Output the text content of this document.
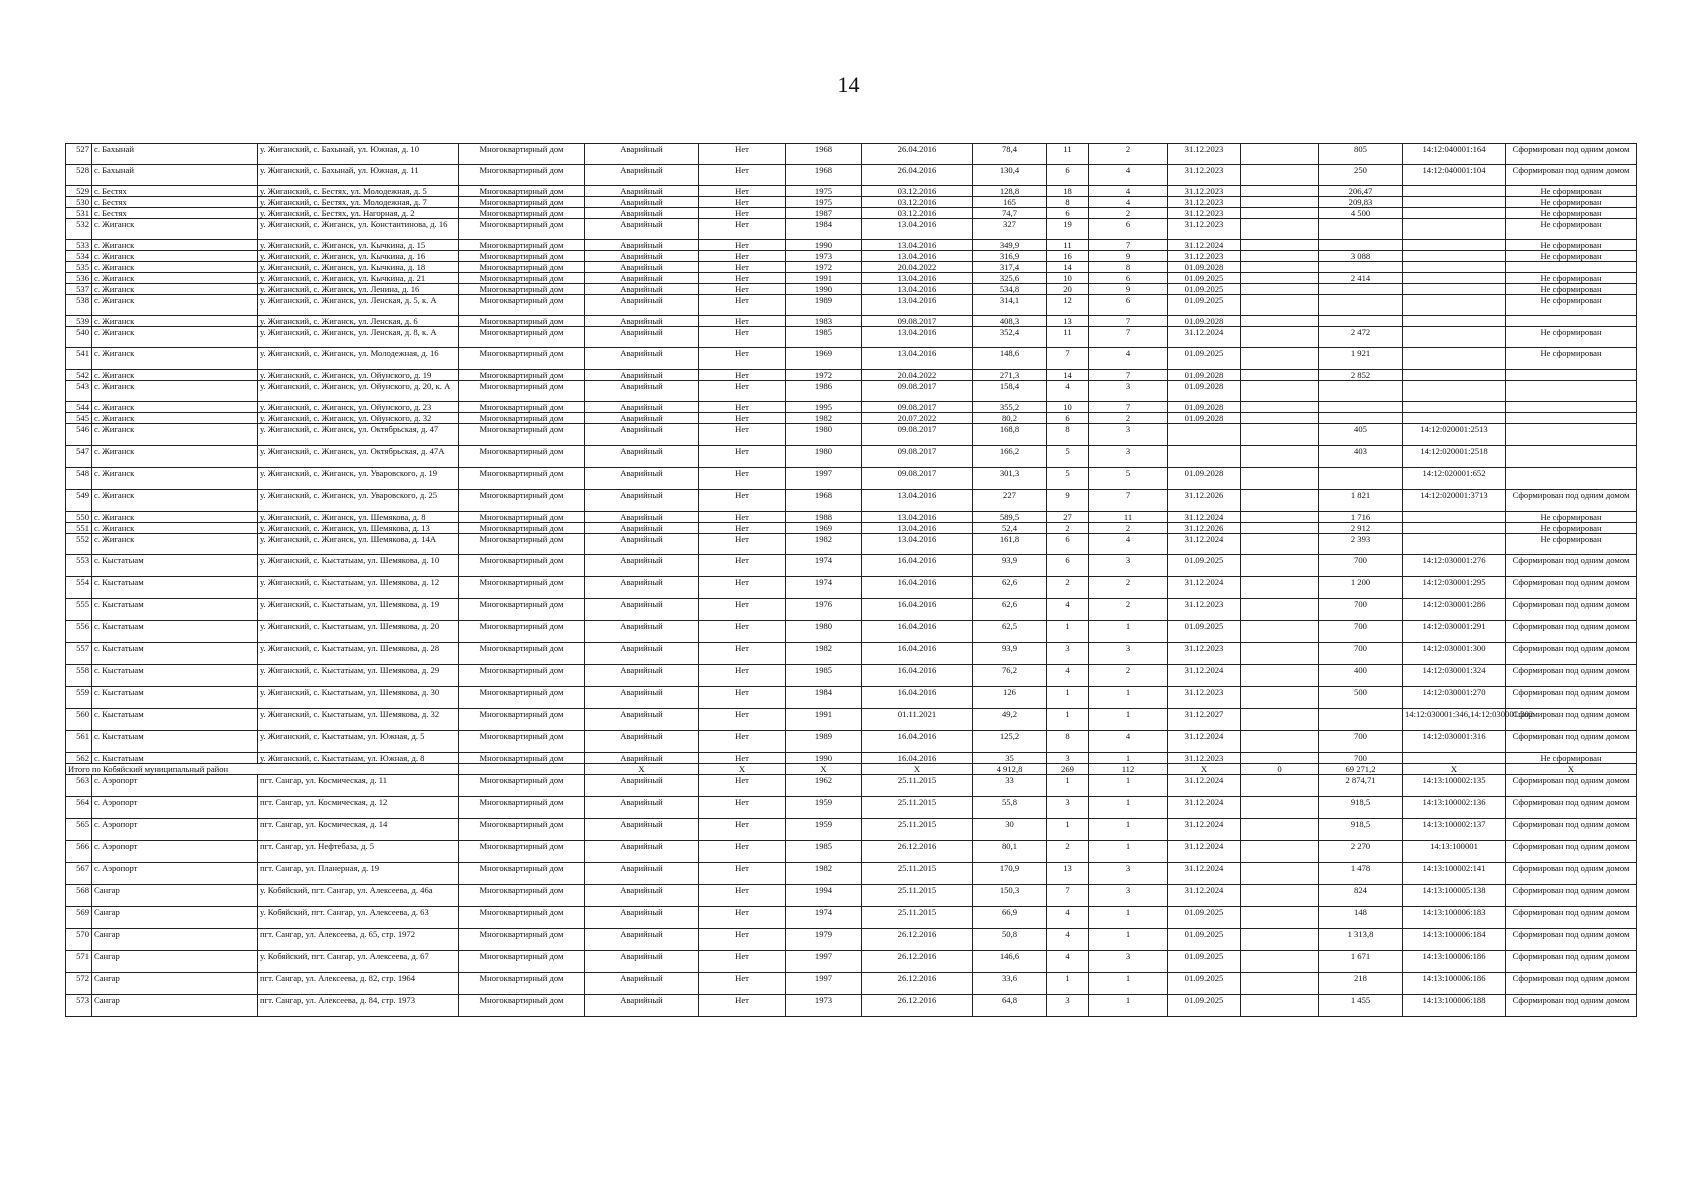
14
527	с. Бахынай	у. Жиганский, с. Бахынай, ул. Южная, д. 10	Многоквартирный дом	Аварийный	Нет	1968	26.04.2016	78,4	11	2	31.12.2023		805	14:12:040001:164	Сформирован под одним домом
528	с. Бахынай	у. Жиганский, с. Бахынай, ул. Южная, д. 11	Многоквартирный дом	Аварийный	Нет	1968	26.04.2016	130,4	6	4	31.12.2023		250	14:12:040001:104	Сформирован под одним домом
529	с. Бестях	у. Жиганский, с. Бестях, ул. Молодежная, д. 5	Многоквартирный дом	Аварийный	Нет	1975	03.12.2016	128,8	18	4	31.12.2023		206,47		Не сформирован
530	с. Бестях	у. Жиганский, с. Бестях, ул. Молодежная, д. 7	Многоквартирный дом	Аварийный	Нет	1975	03.12.2016	165	8	4	31.12.2023		209,83		Не сформирован
531	с. Бестях	у. Жиганский, с. Бестях, ул. Нагорная, д. 2	Многоквартирный дом	Аварийный	Нет	1987	03.12.2016	74,7	6	2	31.12.2023		4 500		Не сформирован
532	с. Жиганск	у. Жиганский, с. Жиганск, ул. Константинова, д. 16	Многоквартирный дом	Аварийный	Нет	1984	13.04.2016	327	19	6	31.12.2023				Не сформирован
533	с. Жиганск	у. Жиганский, с. Жиганск, ул. Кычкина, д. 15	Многоквартирный дом	Аварийный	Нет	1990	13.04.2016	349,9	11	7	31.12.2024				Не сформирован
534	с. Жиганск	у. Жиганский, с. Жиганск, ул. Кычкина, д. 16	Многоквартирный дом	Аварийный	Нет	1973	13.04.2016	316,9	16	9	31.12.2023		3 088		Не сформирован
535	с. Жиганск	у. Жиганский, с. Жиганск, ул. Кычкина, д. 18	Многоквартирный дом	Аварийный	Нет	1972	20.04.2022	317,4	14	8	01.09.2028				
536	с. Жиганск	у. Жиганский, с. Жиганск, ул. Кычкина, д. 21	Многоквартирный дом	Аварийный	Нет	1991	13.04.2016	325,6	10	6	01.09.2025		2 414		Не сформирован
537	с. Жиганск	у. Жиганский, с. Жиганск, ул. Ленина, д. 16	Многоквартирный дом	Аварийный	Нет	1990	13.04.2016	534,8	20	9	01.09.2025				Не сформирован
538	с. Жиганск	у. Жиганский, с. Жиганск, ул. Ленская, д. 5, к. А	Многоквартирный дом	Аварийный	Нет	1989	13.04.2016	314,1	12	6	01.09.2025				Не сформирован
539	с. Жиганск	у. Жиганский, с. Жиганск, ул. Ленская, д. 6	Многоквартирный дом	Аварийный	Нет	1983	09.08.2017	408,3	13	7	01.09.2028				
540	с. Жиганск	у. Жиганский, с. Жиганск, ул. Ленская, д. 8, к. А	Многоквартирный дом	Аварийный	Нет	1985	13.04.2016	352,4	11	7	31.12.2024		2 472		Не сформирован
541	с. Жиганск	у. Жиганский, с. Жиганск, ул. Молодежная, д. 16	Многоквартирный дом	Аварийный	Нет	1969	13.04.2016	148,6	7	4	01.09.2025		1 921		Не сформирован
542	с. Жиганск	у. Жиганский, с. Жиганск, ул. Ойунского, д. 19	Многоквартирный дом	Аварийный	Нет	1972	20.04.2022	271,3	14	7	01.09.2028		2 852		
543	с. Жиганск	у. Жиганский, с. Жиганск, ул. Ойунского, д. 20, к. А	Многоквартирный дом	Аварийный	Нет	1986	09.08.2017	158,4	4	3	01.09.2028				
544	с. Жиганск	у. Жиганский, с. Жиганск, ул. Ойунского, д. 23	Многоквартирный дом	Аварийный	Нет	1995	09.08.2017	355,2	10	7	01.09.2028				
545	с. Жиганск	у. Жиганский, с. Жиганск, ул. Ойунского, д. 32	Многоквартирный дом	Аварийный	Нет	1982	20.07.2022	80,2	6	2	01.09.2028				
546	с. Жиганск	у. Жиганский, с. Жиганск, ул. Октябрьская, д. 47	Многоквартирный дом	Аварийный	Нет	1980	09.08.2017	168,8	8	3			405	14:12:020001:2513	
547	с. Жиганск	у. Жиганский, с. Жиганск, ул. Октябрьская, д. 47А	Многоквартирный дом	Аварийный	Нет	1980	09.08.2017	166,2	5	3			403	14:12:020001:2518	
548	с. Жиганск	у. Жиганский, с. Жиганск, ул. Уваровского, д. 19	Многоквартирный дом	Аварийный	Нет	1997	09.08.2017	301,3	5	5	01.09.2028			14:12:020001:652	
549	с. Жиганск	у. Жиганский, с. Жиганск, ул. Уваровского, д. 25	Многоквартирный дом	Аварийный	Нет	1968	13.04.2016	227	9	7	31.12.2026		1 821	14:12:020001:3713	Сформирован под одним домом
550	с. Жиганск	у. Жиганский, с. Жиганск, ул. Шемякова, д. 8	Многоквартирный дом	Аварийный	Нет	1988	13.04.2016	589,5	27	11	31.12.2024		1 716		Не сформирован
551	с. Жиганск	у. Жиганский, с. Жиганск, ул. Шемякова, д. 13	Многоквартирный дом	Аварийный	Нет	1969	13.04.2016	52,4	2	2	31.12.2026		2 912		Не сформирован
552	с. Жиганск	у. Жиганский, с. Жиганск, ул. Шемякова, д. 14А	Многоквартирный дом	Аварийный	Нет	1982	13.04.2016	161,8	6	4	31.12.2024		2 393		Не сформирован
553	с. Кыстатыам	у. Жиганский, с. Кыстатыам, ул. Шемякова, д. 10	Многоквартирный дом	Аварийный	Нет	1974	16.04.2016	93,9	6	3	01.09.2025		700	14:12:030001:276	Сформирован под одним домом
554	с. Кыстатыам	у. Жиганский, с. Кыстатыам, ул. Шемякова, д. 12	Многоквартирный дом	Аварийный	Нет	1974	16.04.2016	62,6	2	2	31.12.2024		1 200	14:12:030001:295	Сформирован под одним домом
555	с. Кыстатыам	у. Жиганский, с. Кыстатыам, ул. Шемякова, д. 19	Многоквартирный дом	Аварийный	Нет	1976	16.04.2016	62,6	4	2	31.12.2023		700	14:12:030001:286	Сформирован под одним домом
556	с. Кыстатыам	у. Жиганский, с. Кыстатыам, ул. Шемякова, д. 20	Многоквартирный дом	Аварийный	Нет	1980	16.04.2016	62,5	1	1	01.09.2025		700	14:12:030001:291	Сформирован под одним домом
557	с. Кыстатыам	у. Жиганский, с. Кыстатыам, ул. Шемякова, д. 28	Многоквартирный дом	Аварийный	Нет	1982	16.04.2016	93,9	3	3	31.12.2023		700	14:12:030001:300	Сформирован под одним домом
558	с. Кыстатыам	у. Жиганский, с. Кыстатыам, ул. Шемякова, д. 29	Многоквартирный дом	Аварийный	Нет	1985	16.04.2016	76,2	4	2	31.12.2024		400	14:12:030001:324	Сформирован под одним домом
559	с. Кыстатыам	у. Жиганский, с. Кыстатыам, ул. Шемякова, д. 30	Многоквартирный дом	Аварийный	Нет	1984	16.04.2016	126	1	1	31.12.2023		500	14:12:030001:270	Сформирован под одним домом
560	с. Кыстатыам	у. Жиганский, с. Кыстатыам, ул. Шемякова, д. 32	Многоквартирный дом	Аварийный	Нет	1991	01.11.2021	49,2	1	1	31.12.2027			14:12:030001:346,14:12:030001:202	Сформирован под одним домом
561	с. Кыстатыам	у. Жиганский, с. Кыстатыам, ул. Южная, д. 5	Многоквартирный дом	Аварийный	Нет	1989	16.04.2016	125,2	8	4	31.12.2024		700	14:12:030001:316	Сформирован под одним домом
562	с. Кыстатыам	у. Жиганский, с. Кыстатыам, ул. Южная, д. 8	Многоквартирный дом	Аварийный	Нет	1990	16.04.2016	35	3	1	31.12.2023		700		Не сформирован
Итого по Кобяйский муниципальный район				X	X	X	X	4 912,8	269	112	X	0	69 271,2	X	X
563	с. Аэропорт	пгт. Сангар, ул. Космическая, д. 11	Многоквартирный дом	Аварийный	Нет	1962	25.11.2015	33	1	1	31.12.2024		2 874,71	14:13:100002:135	Сформирован под одним домом
564	с. Аэропорт	пгт. Сангар, ул. Космическая, д. 12	Многоквартирный дом	Аварийный	Нет	1959	25.11.2015	55,8	3	1	31.12.2024		918,5	14:13:100002:136	Сформирован под одним домом
565	с. Аэропорт	пгт. Сангар, ул. Космическая, д. 14	Многоквартирный дом	Аварийный	Нет	1959	25.11.2015	30	1	1	31.12.2024		918,5	14:13:100002:137	Сформирован под одним домом
566	с. Аэропорт	пгт. Сангар, ул. Нефтебаза, д. 5	Многоквартирный дом	Аварийный	Нет	1985	26.12.2016	80,1	2	1	31.12.2024		2 270	14:13:100001	Сформирован под одним домом
567	с. Аэропорт	пгт. Сангар, ул. Планерная, д. 19	Многоквартирный дом	Аварийный	Нет	1982	25.11.2015	170,9	13	3	31.12.2024		1 478	14:13:100002:141	Сформирован под одним домом
568	Сангар	у. Кобяйский, пгт. Сангар, ул. Алексеева, д. 46а	Многоквартирный дом	Аварийный	Нет	1994	25.11.2015	150,3	7	3	31.12.2024		824	14:13:100005:138	Сформирован под одним домом
569	Сангар	у. Кобяйский, пгт. Сангар, ул. Алексеева, д. 63	Многоквартирный дом	Аварийный	Нет	1974	25.11.2015	66,9	4	1	01.09.2025		148	14:13:100006:183	Сформирован под одним домом
570	Сангар	пгт. Сангар, ул. Алексеева, д. 65, стр. 1972	Многоквартирный дом	Аварийный	Нет	1979	26.12.2016	50,8	4	1	01.09.2025		1 313,8	14:13:100006:184	Сформирован под одним домом
571	Сангар	у. Кобяйский, пгт. Сангар, ул. Алексеева, д. 67	Многоквартирный дом	Аварийный	Нет	1997	26.12.2016	146,6	4	3	01.09.2025		1 671	14:13:100006:186	Сформирован под одним домом
572	Сангар	пгт. Сангар, ул. Алексеева, д. 82, стр. 1964	Многоквартирный дом	Аварийный	Нет	1997	26.12.2016	33,6	1	1	01.09.2025		218	14:13:100006:186	Сформирован под одним домом
573	Сангар	пгт. Сангар, ул. Алексеева, д. 84, стр. 1973	Многоквартирный дом	Аварийный	Нет	1973	26.12.2016	64,8	3	1	01.09.2025		1 455	14:13:100006:188	Сформирован под одним домом
